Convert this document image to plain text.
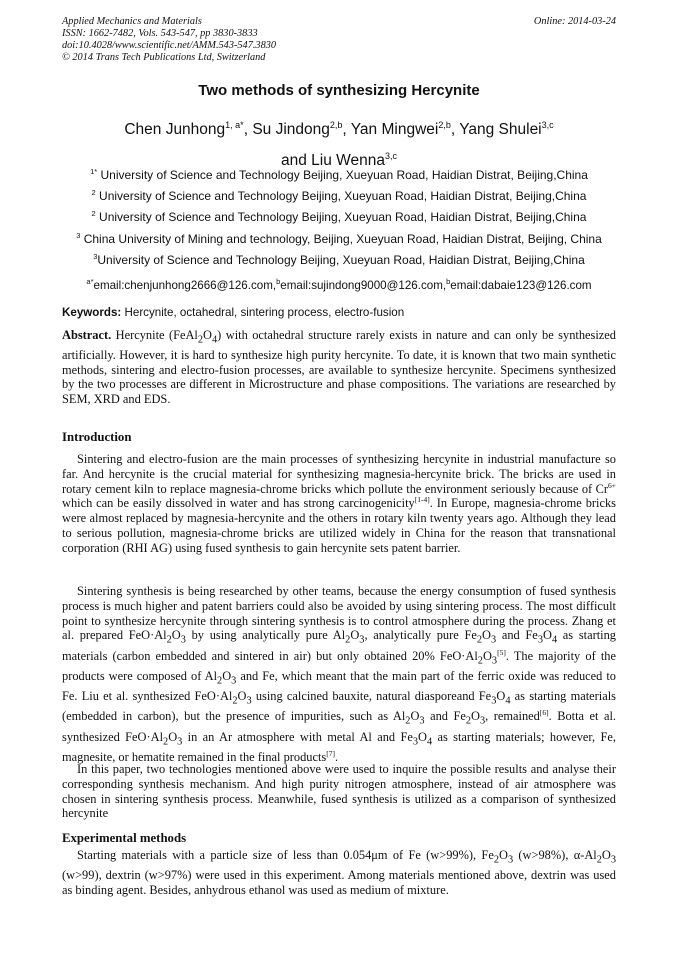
Applied Mechanics and Materials
ISSN: 1662-7482, Vols. 543-547, pp 3830-3833
doi:10.4028/www.scientific.net/AMM.543-547.3830
© 2014 Trans Tech Publications Ltd, Switzerland
Online: 2014-03-24
Two methods of synthesizing Hercynite
Chen Junhong$^{1, a*}$, Su Jindong$^{2,b}$, Yan Mingwei$^{2,b}$, Yang Shulei$^{3,c}$
and Liu Wenna$^{3,c}$
$^{1*}$ University of Science and Technology Beijing, Xueyuan Road, Haidian Distrat, Beijing,China
$^2$ University of Science and Technology Beijing, Xueyuan Road, Haidian Distrat, Beijing,China
$^2$ University of Science and Technology Beijing, Xueyuan Road, Haidian Distrat, Beijing,China
$^3$ China University of Mining and technology, Beijing, Xueyuan Road, Haidian Distrat, Beijing, China
$^3$University of Science and Technology Beijing, Xueyuan Road, Haidian Distrat, Beijing,China
$^{a*}$email:chenjunhong2666@126.com,$^b$email:sujindong9000@126.com,$^b$email:dabaie123@126.com
Keywords: Hercynite, octahedral, sintering process, electro-fusion
Abstract. Hercynite $(FeAl_2O_4)$ with octahedral structure rarely exists in nature and can only be synthesized artificially. However, it is hard to synthesize high purity hercynite. To date, it is known that two main synthetic methods, sintering and electro-fusion processes, are available to synthesize hercynite. Specimens synthesized by the two processes are different in Microstructure and phase compositions. The variations are researched by SEM, XRD and EDS.
Introduction
Sintering and electro-fusion are the main processes of synthesizing hercynite in industrial manufacture so far. And hercynite is the crucial material for synthesizing magnesia-hercynite brick. The bricks are used in rotary cement kiln to replace magnesia-chrome bricks which pollute the environment seriously because of $Cr^{6+}$ which can be easily dissolved in water and has strong carcinogenicity[1-4]. In Europe, magnesia-chrome bricks were almost replaced by magnesia-hercynite and the others in rotary kiln twenty years ago. Although they lead to serious pollution, magnesia-chrome bricks are utilized widely in China for the reason that transnational corporation (RHI AG) using fused synthesis to gain hercynite sets patent barrier.
Sintering synthesis is being researched by other teams, because the energy consumption of fused synthesis process is much higher and patent barriers could also be avoided by using sintering process. The most difficult point to synthesize hercynite through sintering synthesis is to control atmosphere during the process. Zhang et al. prepared $FeO\cdot Al_2O_3$ by using analytically pure $Al_2O_3$, analytically pure $Fe_2O_3$ and $Fe_3O_4$ as starting materials (carbon embedded and sintered in air) but only obtained 20% $FeO\cdot Al_2O_3[5]$. The majority of the products were composed of $Al_2O_3$ and Fe, which meant that the main part of the ferric oxide was reduced to Fe. Liu et al. synthesized $FeO\cdot Al_2O_3$ using calcined bauxite, natural diasporeand $Fe_3O_4$ as starting materials (embedded in carbon), but the presence of impurities, such as $Al_2O_3$ and $Fe_2O_3$, remained[6]. Botta et al. synthesized $FeO\cdot Al_2O_3$ in an Ar atmosphere with metal Al and $Fe_3O_4$ as starting materials; however, Fe, magnesite, or hematite remained in the final products[7].
In this paper, two technologies mentioned above were used to inquire the possible results and analyse their corresponding synthesis mechanism. And high purity nitrogen atmosphere, instead of air atmosphere was chosen in sintering synthesis process. Meanwhile, fused synthesis is utilized as a comparison of synthesized hercynite
Experimental methods
Starting materials with a particle size of less than 0.054μm of Fe (w>99%), $Fe_2O_3$ (w>98%), $\alpha-Al_2O_3$ (w>99), dextrin (w>97%) were used in this experiment. Among materials mentioned above, dextrin was used as binding agent. Besides, anhydrous ethanol was used as medium of mixture.
